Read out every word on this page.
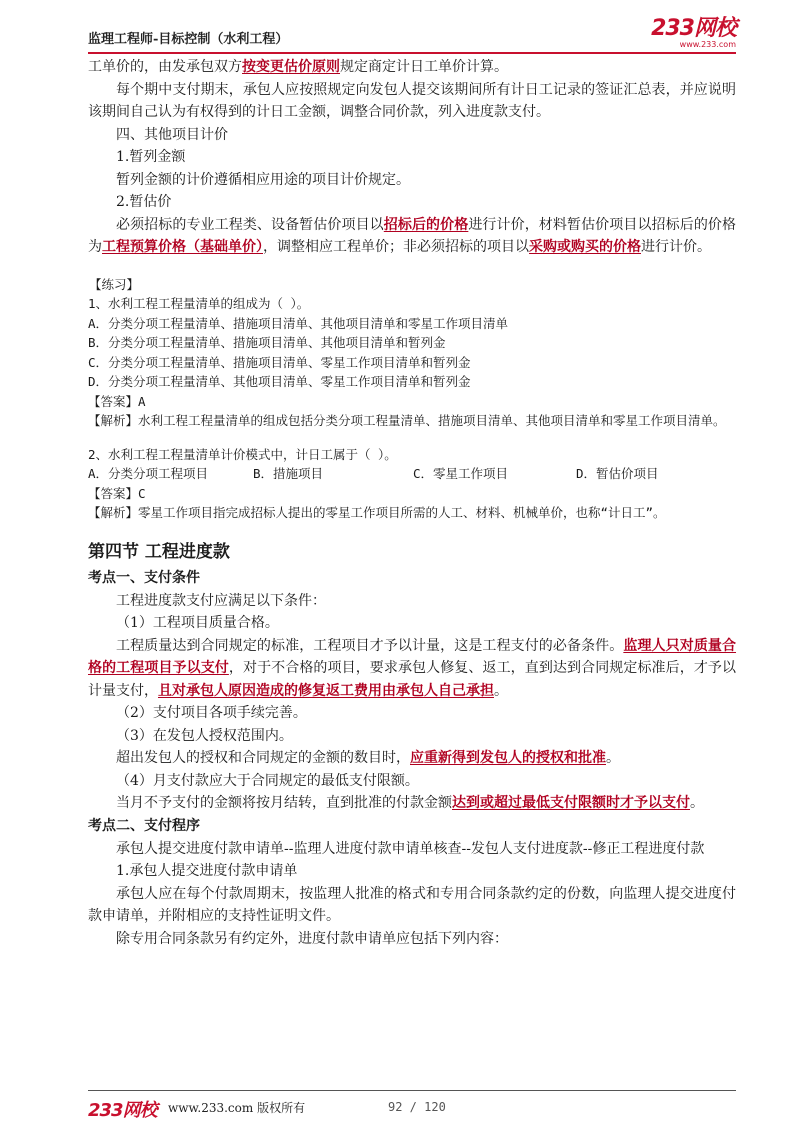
监理工程师-目标控制（水利工程）	233网校
www.233.com

工单价的，由发承包双方按变更估价原则规定商定计日工单价计算。

每个期中支付期末，承包人应按照规定向发包人提交该期间所有计日工记录的签证汇总表，并应说明该期间自己认为有权得到的计日工金额，调整合同价款，列入进度款支付。

四、其他项目计价

1.暂列金额

暂列金额的计价遵循相应用途的项目计价规定。

2.暂估价

必须招标的专业工程类、设备暂估价项目以招标后的价格进行计价，材料暂估价项目以招标后的价格为工程预算价格（基础单价），调整相应工程单价；非必须招标的项目以采购或购买的价格进行计价。

【练习】

1、水利工程工程量清单的组成为（ ）。

A．分类分项工程量清单、措施项目清单、其他项目清单和零星工作项目清单

B．分类分项工程量清单、措施项目清单、其他项目清单和暂列金

C．分类分项工程量清单、措施项目清单、零星工作项目清单和暂列金

D．分类分项工程量清单、其他项目清单、零星工作项目清单和暂列金

【答案】A

【解析】水利工程工程量清单的组成包括分类分项工程量清单、措施项目清单、其他项目清单和零星工作项目清单。

2、水利工程工程量清单计价模式中，计日工属于（ ）。

A．分类分项工程项目	B．措施项目	C．零星工作项目	D．暂估价项目

【答案】C

【解析】零星工作项目指完成招标人提出的零星工作项目所需的人工、材料、机械单价，也称“计日工”。

第四节 工程进度款

考点一、支付条件

工程进度款支付应满足以下条件：

（1）工程项目质量合格。

工程质量达到合同规定的标准，工程项目才予以计量，这是工程支付的必备条件。监理人只对质量合格的工程项目予以支付，对于不合格的项目，要求承包人修复、返工，直到达到合同规定标准后，才予以计量支付，且对承包人原因造成的修复返工费用由承包人自己承担。

（2）支付项目各项手续完善。

（3）在发包人授权范围内。

超出发包人的授权和合同规定的金额的数目时，应重新得到发包人的授权和批准。

（4）月支付款应大于合同规定的最低支付限额。

当月不予支付的金额将按月结转，直到批准的付款金额达到或超过最低支付限额时才予以支付。

考点二、支付程序

承包人提交进度付款申请单--监理人进度付款申请单核查--发包人支付进度款--修正工程进度付款

1.承包人提交进度付款申请单

承包人应在每个付款周期末，按监理人批准的格式和专用合同条款约定的份数，向监理人提交进度付款申请单，并附相应的支持性证明文件。

除专用合同条款另有约定外，进度付款申请单应包括下列内容：

233网校 www.233.com 版权所有	92 / 120
